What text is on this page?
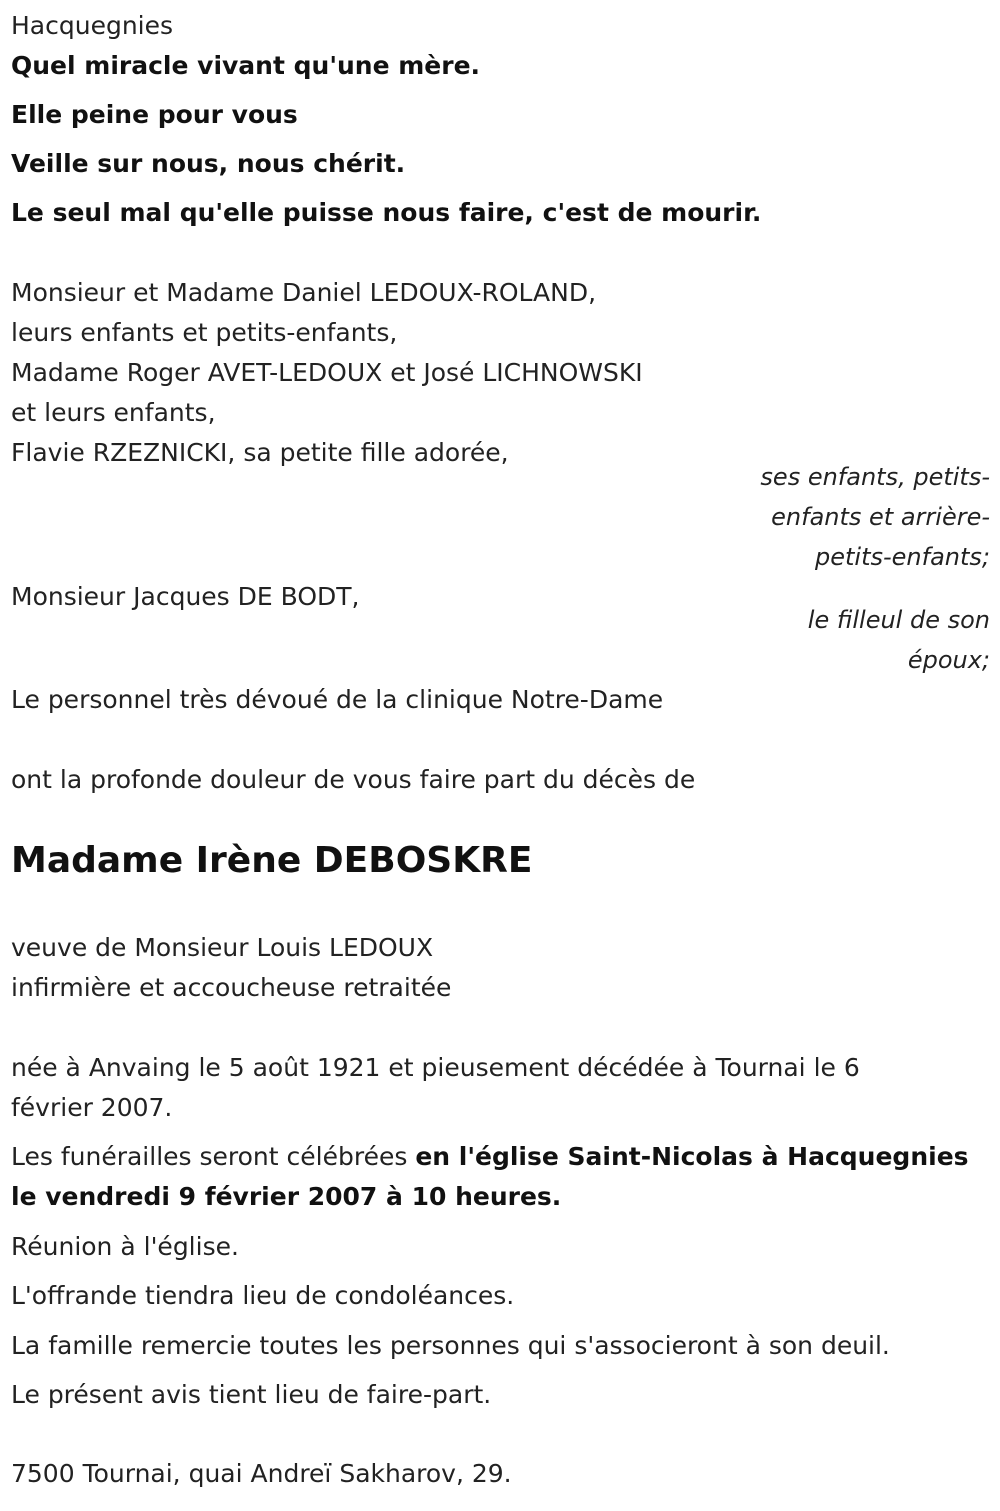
Hacquegnies

Quel miracle vivant qu'une mère.

Elle peine pour vous

Veille sur nous, nous chérit.

Le seul mal qu'elle puisse nous faire, c'est de mourir.

Monsieur et Madame Daniel LEDOUX-ROLAND,

leurs enfants et petits-enfants,

Madame Roger AVET-LEDOUX et José LICHNOWSKI

et leurs enfants,

Flavie RZEZNICKI, sa petite fille adorée,

ses enfants, petits-

enfants et arrière-

petits-enfants;

Monsieur Jacques DE BODT,

le filleul de son

époux;

Le personnel très dévoué de la clinique Notre-Dame

ont la profonde douleur de vous faire part du décès de

Madame Irène DEBOSKRE

veuve de Monsieur Louis LEDOUX

infirmière et accoucheuse retraitée

née à Anvaing le 5 août 1921 et pieusement décédée à Tournai le 6

février 2007.

Les funérailles seront célébrées en l'église Saint-Nicolas à Hacquegnies

le vendredi 9 février 2007 à 10 heures.

Réunion à l'église.

L'offrande tiendra lieu de condoléances.

La famille remercie toutes les personnes qui s'associeront à son deuil.

Le présent avis tient lieu de faire-part.

7500 Tournai, quai Andreï Sakharov, 29.
